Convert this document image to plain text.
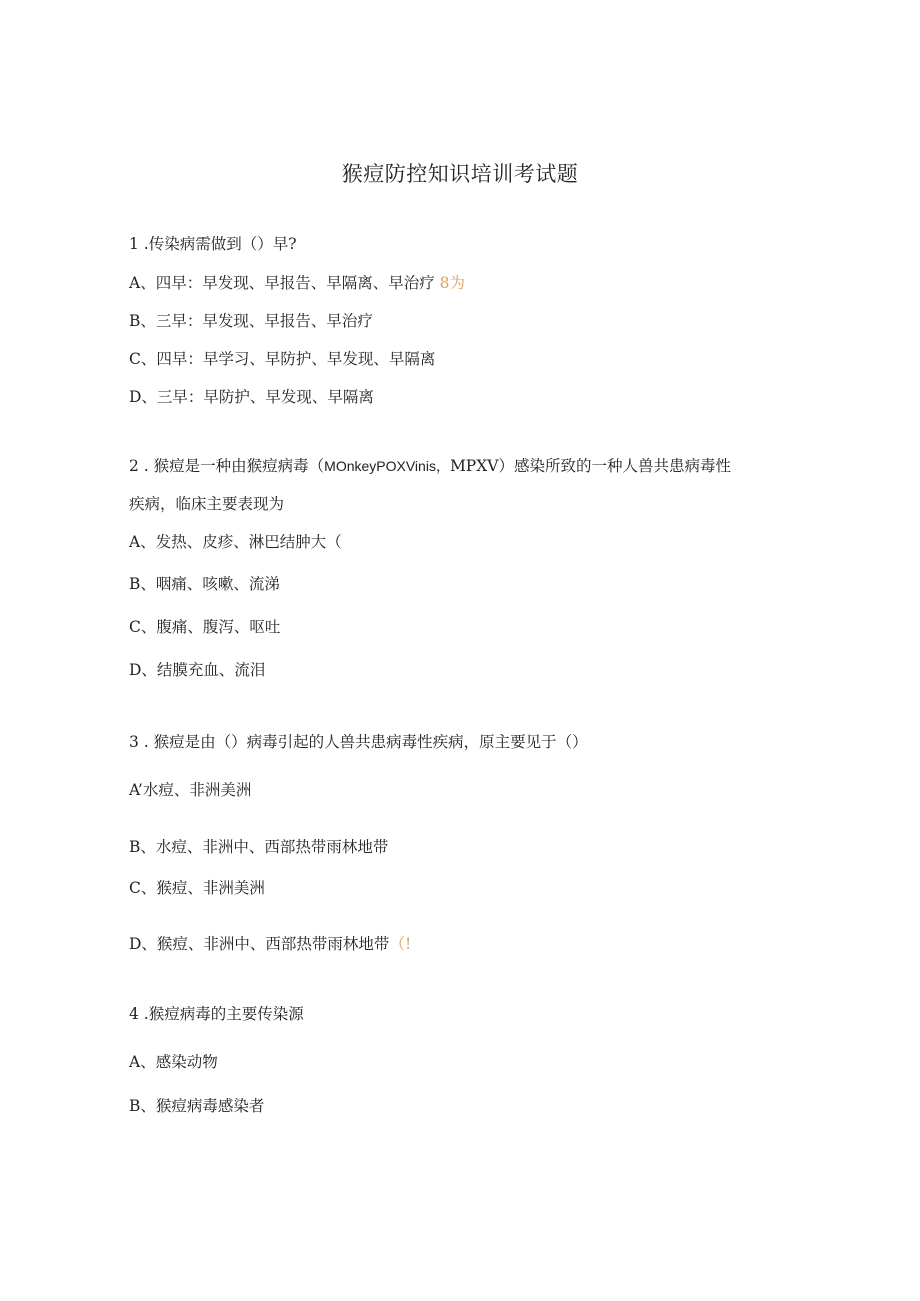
猴痘防控知识培训考试题
1 .传染病需做到（）早?
A、四早：早发现、早报告、早隔离、早治疗 8为
B、三早：早发现、早报告、早治疗
C、四早：早学习、早防护、早发现、早隔离
D、三早：早防护、早发现、早隔离
2 . 猴痘是一种由猴痘病毒（MOnkeyPOXVinis，MPXV）感染所致的一种人兽共患病毒性
疾病，临床主要表现为
A、发热、皮疹、淋巴结肿大（
B、咽痛、咳嗽、流涕
C、腹痛、腹泻、呕吐
D、结膜充血、流泪
3 . 猴痘是由（）病毒引起的人兽共患病毒性疾病，原主要见于（）
A’水痘、非洲美洲
B、水痘、非洲中、西部热带雨林地带
C、猴痘、非洲美洲
D、猴痘、非洲中、西部热带雨林地带（!
4 .猴痘病毒的主要传染源
A、感染动物
B、猴痘病毒感染者
